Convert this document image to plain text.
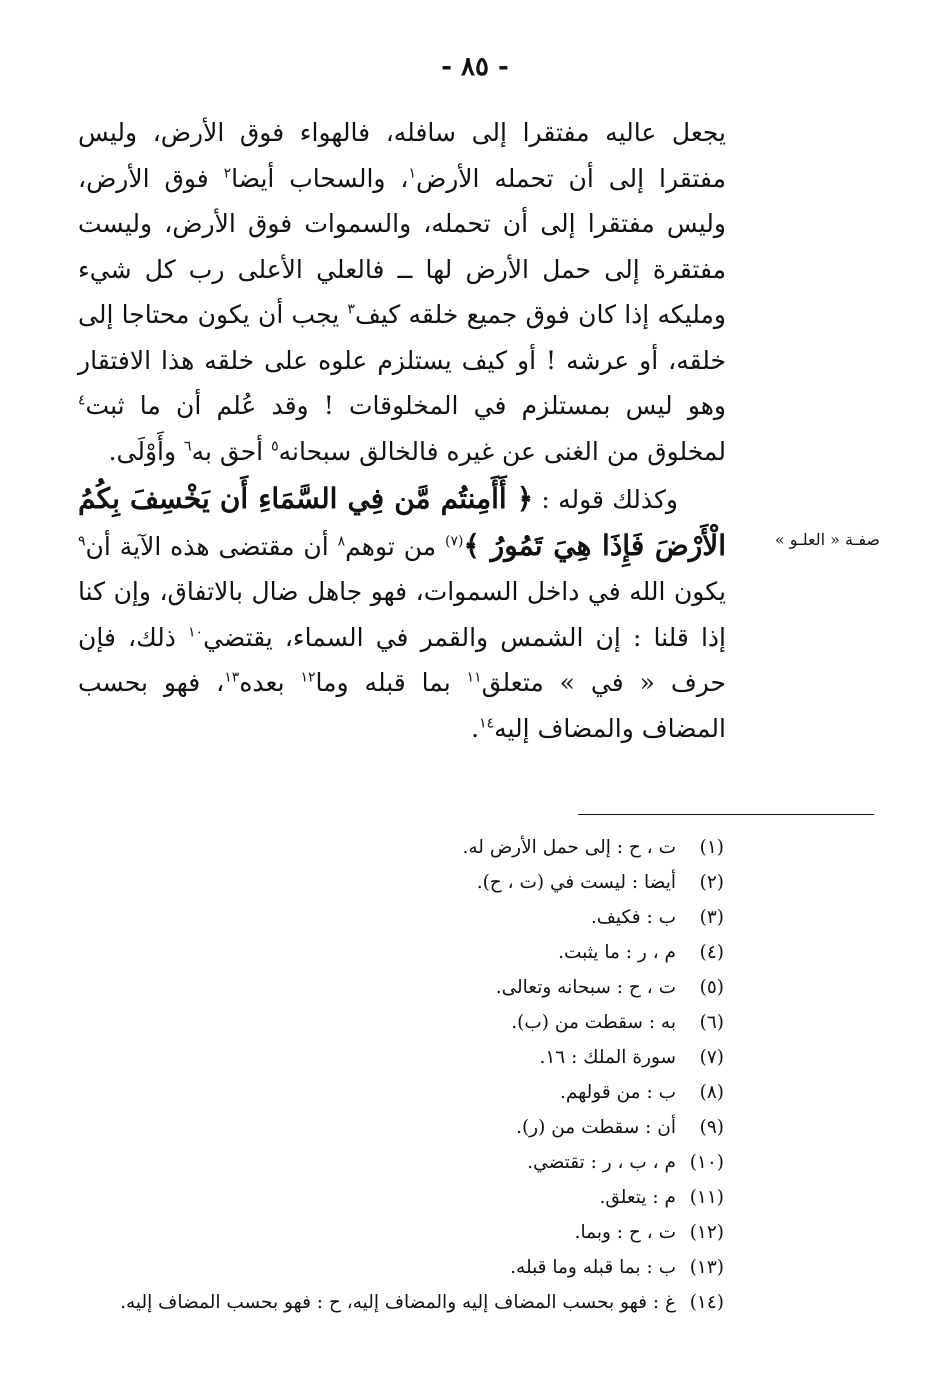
- ٨٥ -
صفـة « العلـو »

يجعل عاليه مفتقرا إلى سافله، فالهواء فوق الأرض، وليس مفتقرا إلى أن تحمله الأرض$^١$، والسحاب أيضا$^٢$ فوق الأرض، وليس مفتقرا إلى أن تحمله، والسموات فوق الأرض، وليست مفتقرة إلى حمل الأرض لها ــ فالعلي الأعلى رب كل شيء ومليكه إذا كان فوق جميع خلقه كيف$^٣$ يجب أن يكون محتاجا إلى خلقه، أو عرشه ! أو كيف يستلزم علوه على خلقه هذا الافتقار وهو ليس بمستلزم في المخلوقات ! وقد عُلم أن ما ثبت$^٤$ لمخلوق من الغنى عن غيره فالخالق سبحانه$^٥$ أحق به$^٦$ وأَوْلَى.

وكذلك قوله : ﴿ أَأَمِنتُم مَّن فِي السَّمَاءِ أَن يَخْسِفَ بِكُمُ الْأَرْضَ فَإِذَا هِيَ تَمُورُ ﴾$^{(٧)}$ من توهم$^٨$ أن مقتضى هذه الآية أن$^٩$ يكون الله في داخل السموات، فهو جاهل ضال بالاتفاق، وإن كنا إذا قلنا : إن الشمس والقمر في السماء، يقتضي$^{١٠}$ ذلك، فإن حرف « في » متعلق$^{١١}$ بما قبله وما$^{١٢}$ بعده$^{١٣}$، فهو بحسب المضاف والمضاف إليه$^{١٤}$.

(١)ت ، ح : إلى حمل الأرض له.
(٢)أيضا : ليست في (ت ، ح).
(٣)ب : فكيف.
(٤)م ، ر : ما يثبت.
(٥)ت ، ح : سبحانه وتعالى.
(٦)به : سقطت من (ب).
(٧)سورة الملك : ١٦.
(٨)ب : من قولهم.
(٩)أن : سقطت من (ر).
(١٠)م ، ب ، ر : تقتضي.
(١١)م : يتعلق.
(١٢)ت ، ح : وبما.
(١٣)ب : بما قبله وما قبله.
(١٤)غ : فهو بحسب المضاف إليه والمضاف إليه، ح : فهو بحسب المضاف إليه.
